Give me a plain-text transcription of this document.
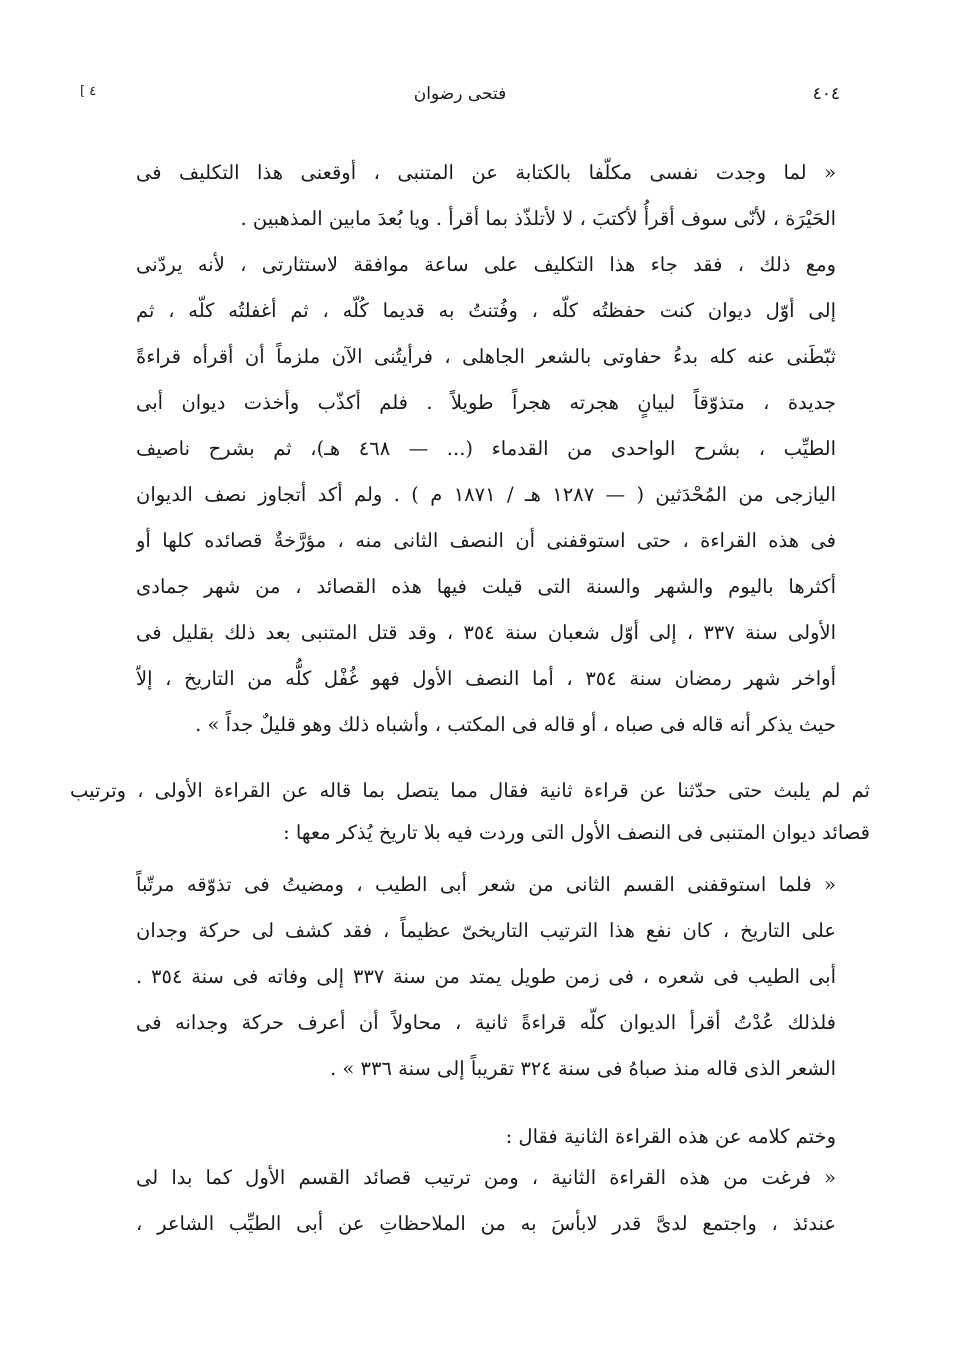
٤٠٤
فتحى رضوان
[ ٤
« لما وجدت نفسى مكلّفا بالكتابة عن المتنبى ، أوقعنى هذا التكليف فى
الحَيْرَة ، لأنّى سوف أقرأُ لأكتبَ ، لا لأتلذّذ بما أقرأ . ويا بُعدَ مابين المذهبين .
ومع ذلك ، فقد جاء هذا التكليف على ساعة موافقة لاستثارتى ، لأنه يردّنى
إلى أوّل ديوان كنت حفظتُه كلّه ، وفُتنتُ به قديما كُلّه ، ثم أغفلتُه كلّه ، ثم
ثبّطَنى عنه كله بدءُ حفاوتى بالشعر الجاهلى ، فرأيتُنى الآن ملزماً أن أقرأه قراءةً
جديدة ، متذوّقاً لبيانٍ هجرته هجراً طويلاً . فلم أكذّب وأخذت ديوان أبى
الطيِّب ، بشرح الواحدى من القدماء (... — ٤٦٨ هـ)، ثم بشرح ناصيف
اليازجى من المُحْدَثين ( — ١٢٨٧ هـ / ١٨٧١ م ) . ولم أكد أتجاوز نصف الديوان
فى هذه القراءة ، حتى استوقفنى أن النصف الثانى منه ، مؤرَّخةٌ قصائده كلها أو
أكثرها باليوم والشهر والسنة التى قيلت فيها هذه القصائد ، من شهر جمادى
الأولى سنة ٣٣٧ ، إلى أوّل شعبان سنة ٣٥٤ ، وقد قتل المتنبى بعد ذلك بقليل فى
أواخر شهر رمضان سنة ٣٥٤ ، أما النصف الأول فهو غُفْل كلُّه من التاريخ ، إلاّ
حيث يذكر أنه قاله فى صباه ، أو قاله فى المكتب ، وأشباه ذلك وهو قليلٌ جداً » .
ثم لم يلبث حتى حدّثنا عن قراءة ثانية فقال مما يتصل بما قاله عن القراءة الأولى ، وترتيب
قصائد ديوان المتنبى فى النصف الأول التى وردت فيه بلا تاريخ يُذكر معها :
« فلما استوقفنى القسم الثانى من شعر أبى الطيب ، ومضيتُ فى تذوّقه مرتّباً
على التاريخ ، كان نفع هذا الترتيب التاريخىّ عظيماً ، فقد كشف لى حركة وجدان
أبى الطيب فى شعره ، فى زمن طويل يمتد من سنة ٣٣٧ إلى وفاته فى سنة ٣٥٤ .
فلذلك عُدْتُ أقرأ الديوان كلّه قراءةً ثانية ، محاولاً أن أعرف حركة وجدانه فى
الشعر الذى قاله منذ صباهُ فى سنة ٣٢٤ تقريباً إلى سنة ٣٣٦ » .
وختم كلامه عن هذه القراءة الثانية فقال :
« فرغت من هذه القراءة الثانية ، ومن ترتيب قصائد القسم الأول كما بدا لى
عندئذ ، واجتمع لدىَّ قدر لابأسَ به من الملاحظاتِ عن أبى الطيِّب الشاعر ،
